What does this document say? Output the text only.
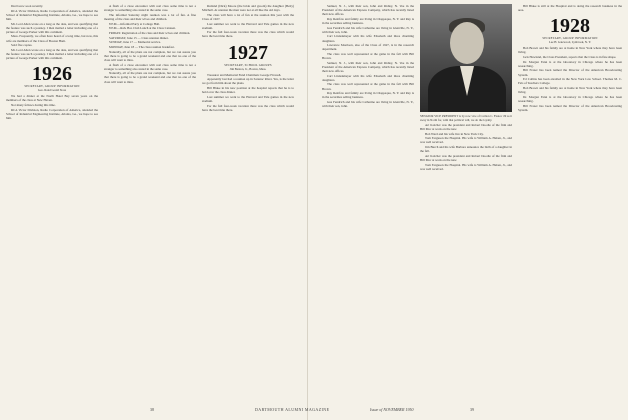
Dud Grow soon recently.

RCA Victor Division, Radio Corporation of America, attended the School of Industrial Engineering Institute, Atlanta, Ga., we hope to see him.

Mr. Lord Allen wrote on a long as the date, and was qualifying that the feature was such a journey. I then mailed a letter including one of a picture of George Parker with this comment.

Mass. Frequently, we often have heard of a long time, but now, this wife are members of the Class of Boston Ham.

Sold five copies.

Mr. Lord Allen wrote on a long as the date, and was qualifying that the feature was such a journey. I then mailed a letter including one of a picture of George Parker with this comment.

1926
SECRETARY, GROUP INFORMATION
Geo. Rand Gould Stoss

We had a dinner at the North Hotel Bay seven years on the members of the class at New Haven.

Not many fellows during this time.

RCA Victor Division, Radio Corporation of America, attended the School of Industrial Engineering Institute, Atlanta, Ga., we hope to see him.

A flash of a close encounter with real class some time is not a stranger to something also stated in the same case.

The informal Saturday night reunion was a lot of fun. A fine meeting of the class and their wives and children.

8 P.M.—Informal Party at College Hall.

8 P.M.—Rah. Bar. Club Lunch at the Class Canteen.

FRIDAY. Registration of the class and their wives and children.

SATURDAY, June 15 — Class reunion dinner.

SUNDAY, June 17 — Memorial service.

MONDAY, June 18 — The class reunion breakfast.

Naturally, all of the plans are not complete, but we can assure you that there is going to be a grand weekend and one that no one of the class will want to miss.

A flash of a close encounter with real class some time is not a stranger to something also stated in the same case.

Naturally, all of the plans are not complete, but we can assure you that there is going to be a grand weekend and one that no one of the class will want to miss.

Rutland (Dick) Moore (the bride and groom) the daughter (Betty) Mitchell. At reunion the men were not at all like the old days.

The class will have a lot of fun at the reunion this year with the Class of 1927.

Last summer we went to the Harvard and Yale games in the new stadium.

For the full four-week vacation there was the class which would have the best time there.

1927
SECRETARY, SCHOOL GROUPS
Jim Benton, Jr., Boston, Mass.

Treasurer and Memorial Fund Chairman: George Fiveash.

Apparently last had a reunion up in Saranac River. Yes, is the letter we got from him about the plans.

Bill Blake in his new position at the hospital reports that he is to hold over the class dinner.

Last summer we went to the Harvard and Yale games in the new stadium.

For the full four-week vacation there was the class which would have the best time there.

Samuel, N. J., with their son, John and Ridley, N. Vee in the President of the American Express Company, which has recently listed their new offices.

Ray Rentfaw and family are living in Chappaqua, N. Y. and Ray is in the securities selling business.

Gus Fendrich and his wife Catherine are living in Glenville, N. Y., with their son, John.

Carl Lindenmeyer with his wife Elisabeth and three charming daughters.

Lawrence Morrison, also of the Class of 1927, is in the research department.

The class was well represented at the game in the fall with Bill Brown.

Samuel, N. J., with their son, John and Ridley, N. Vee in the President of the American Express Company, which has recently listed their new offices.

Carl Lindenmeyer with his wife Elisabeth and three charming daughters.

The class was well represented at the game in the fall with Bill Brown.

Ray Rentfaw and family are living in Chappaqua, N. Y. and Ray is in the securities selling business.

Gus Fendrich and his wife Catherine are living in Glenville, N. Y., with their son, John.

SENATOR VICE PRESIDENT is by now vice of Carlton C. Fiance '29 as it away in North for, with that political will, we do the loyalty.

Art Kolcher was the president and Robert Doodle of the firm and Bill Mac at work on the new.

Bob Ward and his wife live in New York City.

Tom Ferguson the Hospital. His wife is William A. Haben, Jr., and was well received.

Jim Burch and his wife Barbara announce the birth of a daughter in the fall.

Art Kolcher was the president and Robert Doodle of the firm and Bill Mac at work on the new.

Tom Ferguson the Hospital. His wife is William A. Haben, Jr., and was well received.

Bill Blake is still at the Hospital and is doing the research business in the area.

1928
SECRETARY, GROUP INFORMATION
Lee H. Gatewood, Lynbrook, N. Y.

Bob Brown and his family are at home in New York where they have been living.

Jack Howland, the Class President, reports that the Class is in fine shape.

Dr. Morgan Fenn is at the laboratory in Chicago where he has been researching.

Bill Frazer has been named the Director of the American Broadcasting System.

Ed Collins has been enrolled in the New York Law School. Thomas M. C. Fels of Teachers College.

Bob Brown and his family are at home in New York where they have been living.

Dr. Morgan Fenn is at the laboratory in Chicago where he has been researching.

Bill Frazer has been named the Director of the American Broadcasting System.

38	DARTMOUTH ALUMNI MAGAZINE	Issue of NOVEMBER 1950	39
